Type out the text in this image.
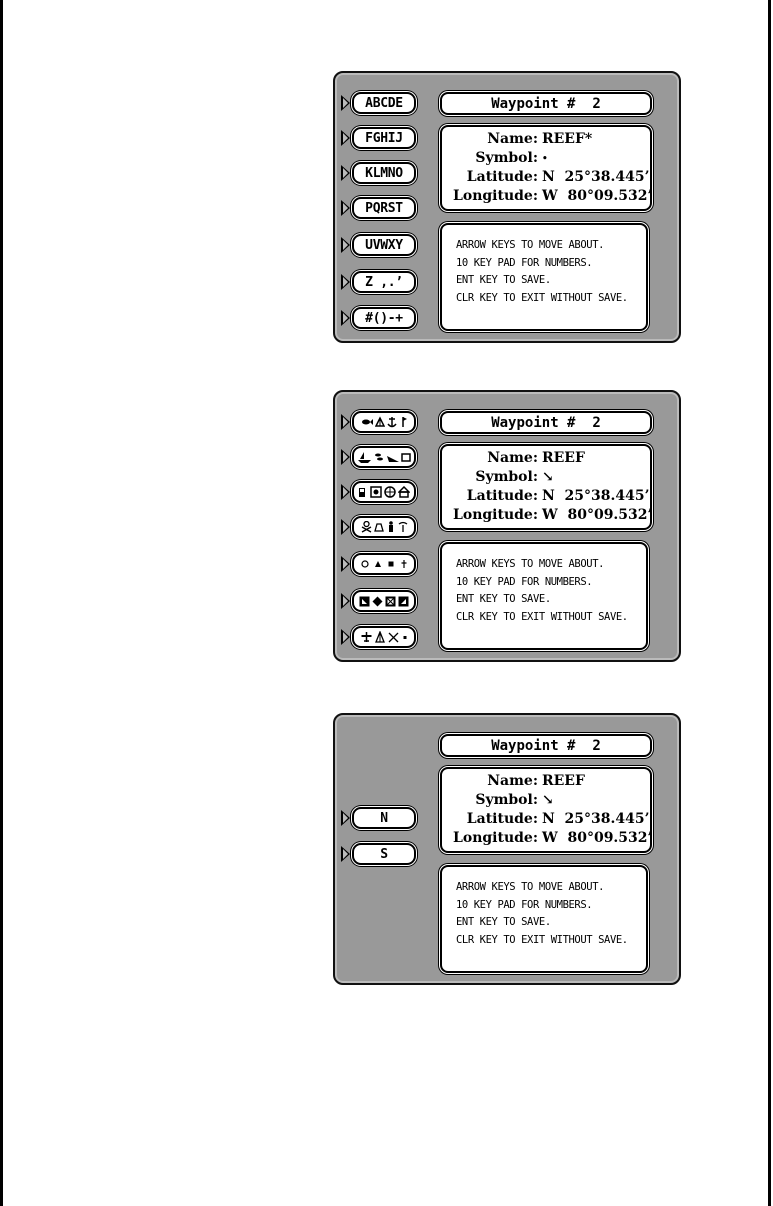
ABCDE
FGHIJ
KLMNO
PQRST
UVWXY
Z ,.’
#()-+
Waypoint #  2
Name: REEF*
Symbol: •
Latitude: N  25°38.445’
Longitude: W  80°09.532’
ARROW KEYS TO MOVE ABOUT.
10 KEY PAD FOR NUMBERS.
ENT KEY TO SAVE.
CLR KEY TO EXIT WITHOUT SAVE.
Waypoint #  2
Name: REEF
Symbol: ↘
Latitude: N  25°38.445’
Longitude: W  80°09.532’
ARROW KEYS TO MOVE ABOUT.
10 KEY PAD FOR NUMBERS.
ENT KEY TO SAVE.
CLR KEY TO EXIT WITHOUT SAVE.
N
S
Waypoint #  2
Name: REEF
Symbol: ↘
Latitude: N  25°38.445’
Longitude: W  80°09.532’
ARROW KEYS TO MOVE ABOUT.
10 KEY PAD FOR NUMBERS.
ENT KEY TO SAVE.
CLR KEY TO EXIT WITHOUT SAVE.
